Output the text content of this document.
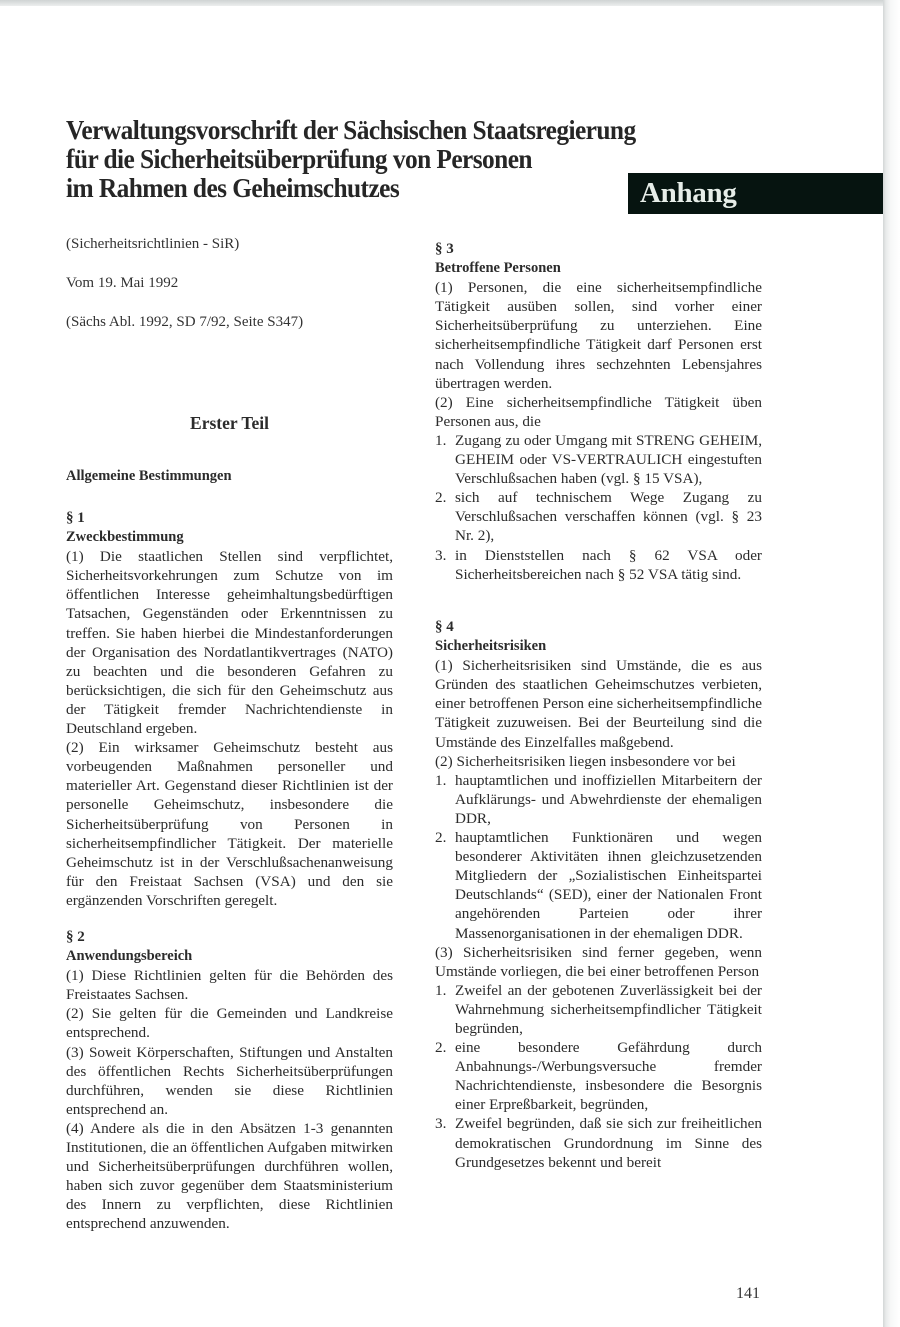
Verwaltungsvorschrift der Sächsischen Staatsregierung
für die Sicherheitsüberprüfung von Personen
im Rahmen des Geheimschutzes	Anhang
(Sicherheitsrichtlinien - SiR)
Vom 19. Mai 1992
(Sächs Abl. 1992, SD 7/92, Seite S347)
Erster Teil
Allgemeine Bestimmungen
§ 1
Zweckbestimmung
(1) Die staatlichen Stellen sind verpflichtet, Sicherheitsvorkehrungen zum Schutze von im öffentlichen Interesse geheimhaltungsbedürftigen Tatsachen, Gegenständen oder Erkenntnissen zu treffen. Sie haben hierbei die Mindestanforderungen der Organisation des Nordatlantikvertrages (NATO) zu beachten und die besonderen Gefahren zu berücksichtigen, die sich für den Geheimschutz aus der Tätigkeit fremder Nachrichtendienste in Deutschland ergeben.
(2) Ein wirksamer Geheimschutz besteht aus vorbeugenden Maßnahmen personeller und materieller Art. Gegenstand dieser Richtlinien ist der personelle Geheimschutz, insbesondere die Sicherheitsüberprüfung von Personen in sicherheitsempfindlicher Tätigkeit. Der materielle Geheimschutz ist in der Verschlußsachenanweisung für den Freistaat Sachsen (VSA) und den sie ergänzenden Vorschriften geregelt.
§ 2
Anwendungsbereich
(1) Diese Richtlinien gelten für die Behörden des Freistaates Sachsen.
(2) Sie gelten für die Gemeinden und Landkreise entsprechend.
(3) Soweit Körperschaften, Stiftungen und Anstalten des öffentlichen Rechts Sicherheitsüberprüfungen durchführen, wenden sie diese Richtlinien entsprechend an.
(4) Andere als die in den Absätzen 1-3 genannten Institutionen, die an öffentlichen Aufgaben mitwirken und Sicherheitsüberprüfungen durchführen wollen, haben sich zuvor gegenüber dem Staatsministerium des Innern zu verpflichten, diese Richtlinien entsprechend anzuwenden.
§ 3
Betroffene Personen
(1) Personen, die eine sicherheitsempfindliche Tätigkeit ausüben sollen, sind vorher einer Sicherheitsüberprüfung zu unterziehen. Eine sicherheitsempfindliche Tätigkeit darf Personen erst nach Vollendung ihres sechzehnten Lebensjahres übertragen werden.
(2) Eine sicherheitsempfindliche Tätigkeit üben Personen aus, die
1. Zugang zu oder Umgang mit STRENG GEHEIM, GEHEIM oder VS-VERTRAULICH eingestuften Verschlußsachen haben (vgl. § 15 VSA),
2. sich auf technischem Wege Zugang zu Verschlußsachen verschaffen können (vgl. § 23 Nr. 2),
3. in Dienststellen nach § 62 VSA oder Sicherheitsbereichen nach § 52 VSA tätig sind.
§ 4
Sicherheitsrisiken
(1) Sicherheitsrisiken sind Umstände, die es aus Gründen des staatlichen Geheimschutzes verbieten, einer betroffenen Person eine sicherheitsempfindliche Tätigkeit zuzuweisen. Bei der Beurteilung sind die Umstände des Einzelfalles maßgebend.
(2) Sicherheitsrisiken liegen insbesondere vor bei
1. hauptamtlichen und inoffiziellen Mitarbeitern der Aufklärungs- und Abwehrdienste der ehemaligen DDR,
2. hauptamtlichen Funktionären und wegen besonderer Aktivitäten ihnen gleichzusetzenden Mitgliedern der „Sozialistischen Einheitspartei Deutschlands“ (SED), einer der Nationalen Front angehörenden Parteien oder ihrer Massenorganisationen in der ehemaligen DDR.
(3) Sicherheitsrisiken sind ferner gegeben, wenn Umstände vorliegen, die bei einer betroffenen Person
1. Zweifel an der gebotenen Zuverlässigkeit bei der Wahrnehmung sicherheitsempfindlicher Tätigkeit begründen,
2. eine besondere Gefährdung durch Anbahnungs-/Werbungsversuche fremder Nachrichtendienste, insbesondere die Besorgnis einer Erpreßbarkeit, begründen,
3. Zweifel begründen, daß sie sich zur freiheitlichen demokratischen Grundordnung im Sinne des Grundgesetzes bekennt und bereit
141
